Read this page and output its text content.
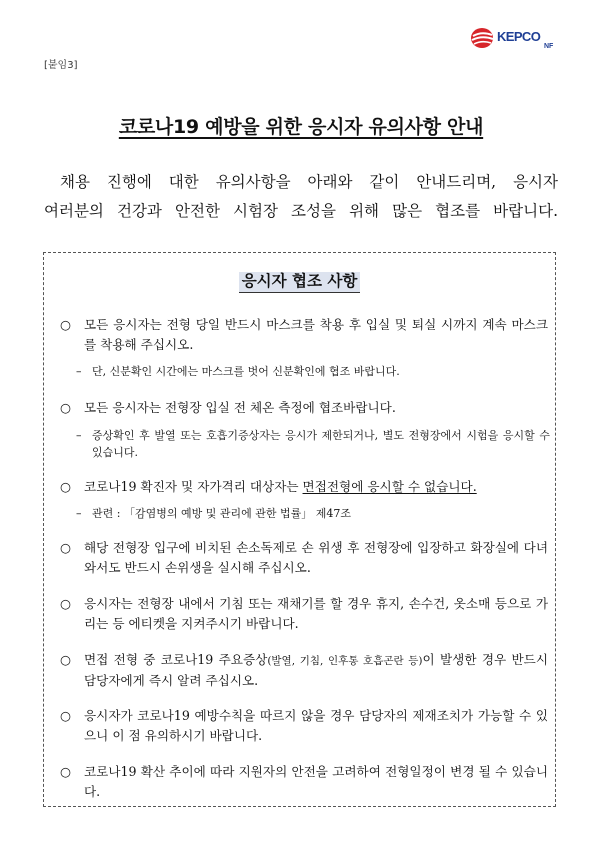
[붙임3]
KEPCO
NF
코로나19 예방을 위한 응시자 유의사항 안내
채용 진행에 대한 유의사항을 아래와 같이 안내드리며, 응시자
여러분의 건강과 안전한 시험장 조성을 위해 많은 협조를 바랍니다.
응시자 협조 사항
○	모든 응시자는 전형 당일 반드시 마스크를 착용 후 입실 및 퇴실 시까지 계속 마스크를 착용해 주십시오.
– 단, 신분확인 시간에는 마스크를 벗어 신분확인에 협조 바랍니다.
○	모든 응시자는 전형장 입실 전 체온 측정에 협조바랍니다.
– 증상확인 후 발열 또는 호흡기증상자는 응시가 제한되거나, 별도 전형장에서 시험을 응시할 수 있습니다.
○	코로나19 확진자 및 자가격리 대상자는 면접전형에 응시할 수 없습니다.
– 관련 : 「감염병의 예방 및 관리에 관한 법률」 제47조
○	해당 전형장 입구에 비치된 손소독제로 손 위생 후 전형장에 입장하고 화장실에 다녀와서도 반드시 손위생을 실시해 주십시오.
○	응시자는 전형장 내에서 기침 또는 재채기를 할 경우 휴지, 손수건, 옷소매 등으로 가리는 등 에티켓을 지켜주시기 바랍니다.
○	면접 전형 중 코로나19 주요증상(발열, 기침, 인후통 호흡곤란 등)이 발생한 경우 반드시 담당자에게 즉시 알려 주십시오.
○	응시자가 코로나19 예방수칙을 따르지 않을 경우 담당자의 제재조치가 가능할 수 있으니 이 점 유의하시기 바랍니다.
○	코로나19 확산 추이에 따라 지원자의 안전을 고려하여 전형일정이 변경 될 수 있습니다.
